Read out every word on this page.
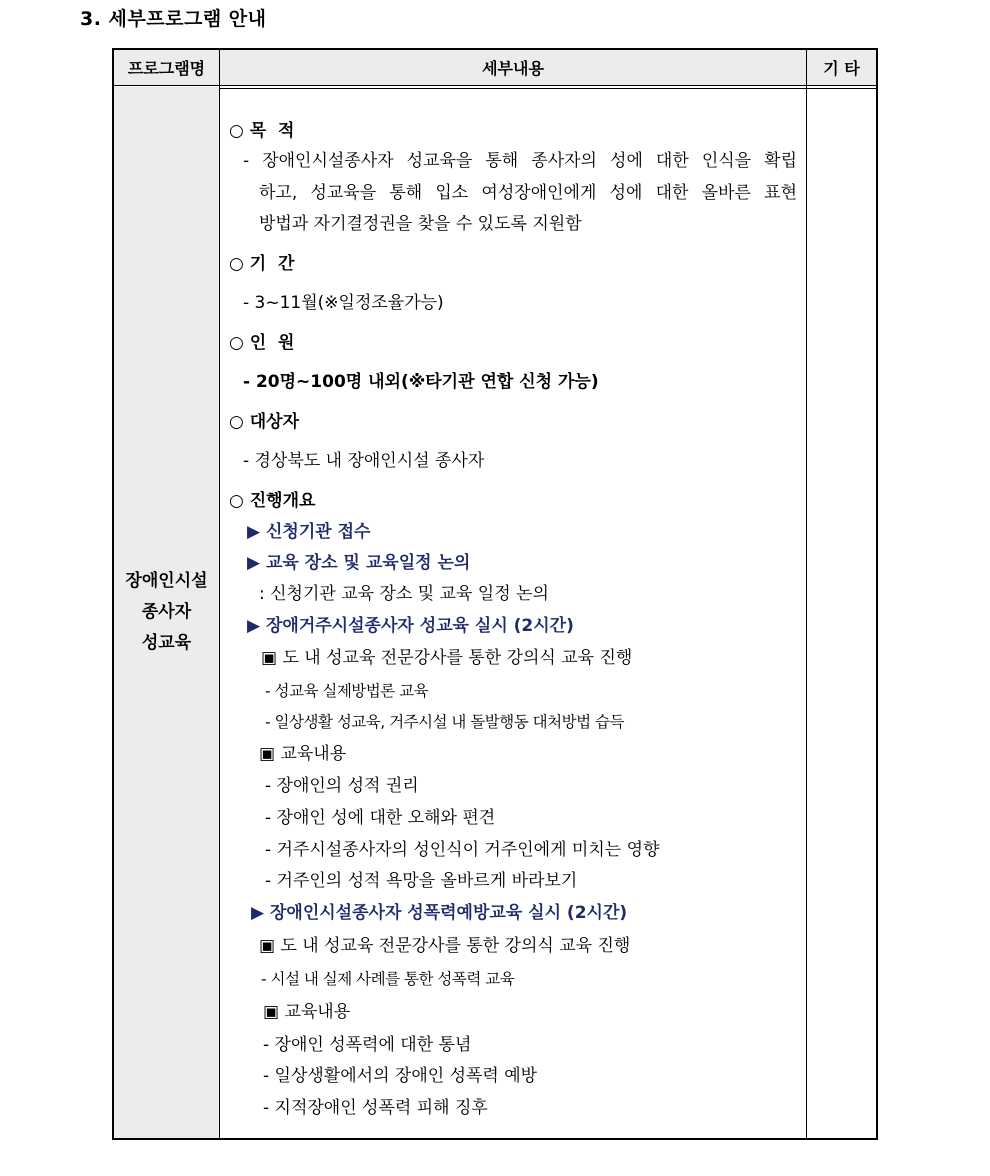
3. 세부프로그램 안내
프로그램명	세부내용	기 타
장애인시설
종사자
성교육
○ 목  적
- 장애인시설종사자 성교육을 통해 종사자의 성에 대한 인식을 확립
하고, 성교육을 통해 입소 여성장애인에게 성에 대한 올바른 표현
방법과 자기결정권을 찾을 수 있도록 지원함
○ 기  간
- 3~11월(※일정조율가능)
○ 인  원
- 20명~100명 내외(※타기관 연합 신청 가능)
○ 대상자
- 경상북도 내 장애인시설 종사자
○ 진행개요
▶ 신청기관 접수
▶ 교육 장소 및 교육일정 논의
: 신청기관 교육 장소 및 교육 일정 논의
▶ 장애거주시설종사자 성교육 실시 (2시간)
▣ 도 내 성교육 전문강사를 통한 강의식 교육 진행
- 성교육 실제방법론 교육
- 일상생활 성교육, 거주시설 내 돌발행동 대처방법 습득
▣ 교육내용
- 장애인의 성적 권리
- 장애인 성에 대한 오해와 편견
- 거주시설종사자의 성인식이 거주인에게 미치는 영향
- 거주인의 성적 욕망을 올바르게 바라보기
▶ 장애인시설종사자 성폭력예방교육 실시 (2시간)
▣ 도 내 성교육 전문강사를 통한 강의식 교육 진행
- 시설 내 실제 사례를 통한 성폭력 교육
▣ 교육내용
- 장애인 성폭력에 대한 통념
- 일상생활에서의 장애인 성폭력 예방
- 지적장애인 성폭력 피해 징후
